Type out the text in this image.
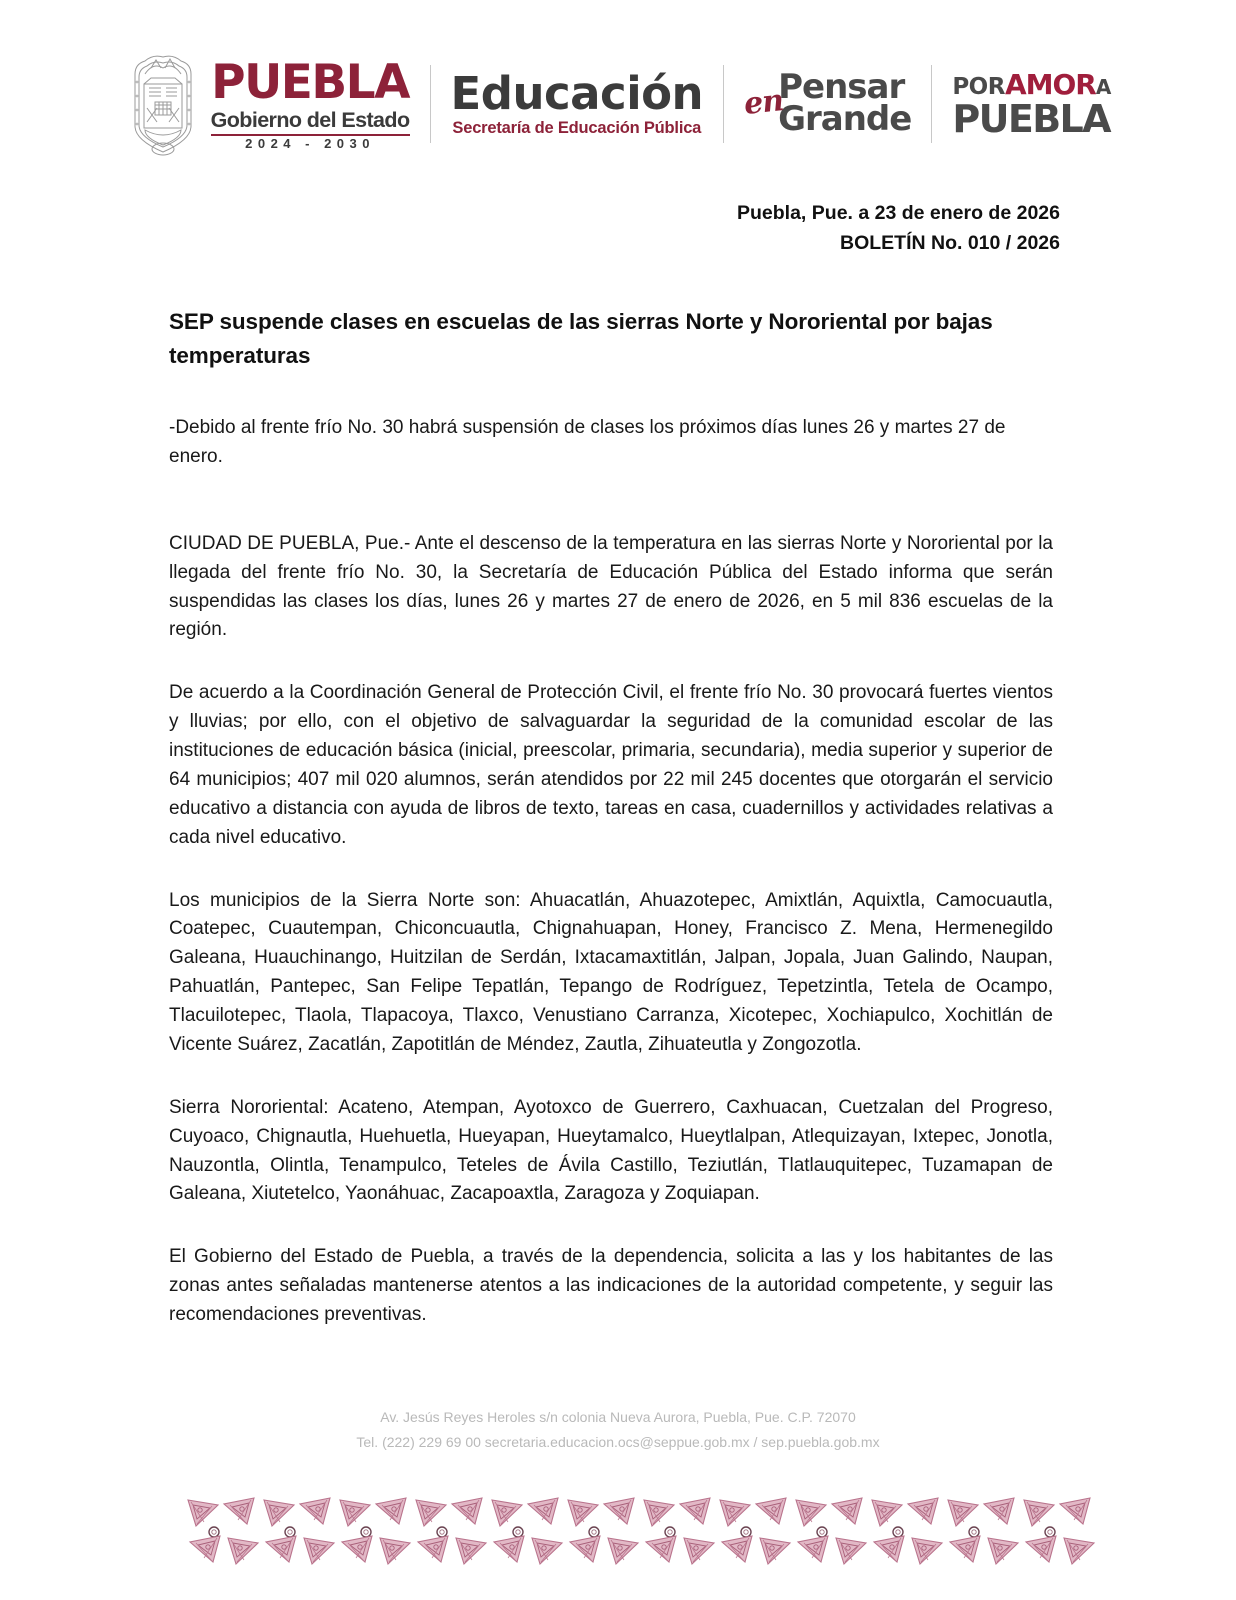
PUEBLA
Gobierno del Estado
2024 - 2030
Educación
Secretaría de Educación Pública
Pensar
Grande
en	POR AMOR A
PUEBLA
Puebla, Pue. a 23 de enero de 2026
BOLETÍN No. 010 / 2026
SEP suspende clases en escuelas de las sierras Norte y Nororiental por bajas temperaturas

-Debido al frente frío No. 30 habrá suspensión de clases los próximos días lunes 26 y martes 27 de enero.

CIUDAD DE PUEBLA, Pue.- Ante el descenso de la temperatura en las sierras Norte y Nororiental por la llegada del frente frío No. 30, la Secretaría de Educación Pública del Estado informa que serán suspendidas las clases los días, lunes 26 y martes 27 de enero de 2026, en 5 mil 836 escuelas de la región.

De acuerdo a la Coordinación General de Protección Civil, el frente frío No. 30 provocará fuertes vientos y lluvias; por ello, con el objetivo de salvaguardar la seguridad de la comunidad escolar de las instituciones de educación básica (inicial, preescolar, primaria, secundaria), media superior y superior de 64 municipios; 407 mil 020 alumnos, serán atendidos por 22 mil 245 docentes que otorgarán el servicio educativo a distancia con ayuda de libros de texto, tareas en casa, cuadernillos y actividades relativas a cada nivel educativo.

Los municipios de la Sierra Norte son: Ahuacatlán, Ahuazotepec, Amixtlán, Aquixtla, Camocuautla, Coatepec, Cuautempan, Chiconcuautla, Chignahuapan, Honey, Francisco Z. Mena, Hermenegildo Galeana, Huauchinango, Huitzilan de Serdán, Ixtacamaxtitlán, Jalpan, Jopala, Juan Galindo, Naupan, Pahuatlán, Pantepec, San Felipe Tepatlán, Tepango de Rodríguez, Tepetzintla, Tetela de Ocampo, Tlacuilotepec, Tlaola, Tlapacoya, Tlaxco, Venustiano Carranza, Xicotepec, Xochiapulco, Xochitlán de Vicente Suárez, Zacatlán, Zapotitlán de Méndez, Zautla, Zihuateutla y Zongozotla.

Sierra Nororiental: Acateno, Atempan, Ayotoxco de Guerrero, Caxhuacan, Cuetzalan del Progreso, Cuyoaco, Chignautla, Huehuetla, Hueyapan, Hueytamalco, Hueytlalpan, Atlequizayan, Ixtepec, Jonotla, Nauzontla, Olintla, Tenampulco, Teteles de Ávila Castillo, Teziutlán, Tlatlauquitepec, Tuzamapan de Galeana, Xiutetelco, Yaonáhuac, Zacapoaxtla, Zaragoza y Zoquiapan.

El Gobierno del Estado de Puebla, a través de la dependencia, solicita a las y los habitantes de las zonas antes señaladas mantenerse atentos a las indicaciones de la autoridad competente, y seguir las recomendaciones preventivas.

Av. Jesús Reyes Heroles s/n colonia Nueva Aurora, Puebla, Pue. C.P. 72070
Tel. (222) 229 69 00 secretaria.educacion.ocs@seppue.gob.mx / sep.puebla.gob.mx
